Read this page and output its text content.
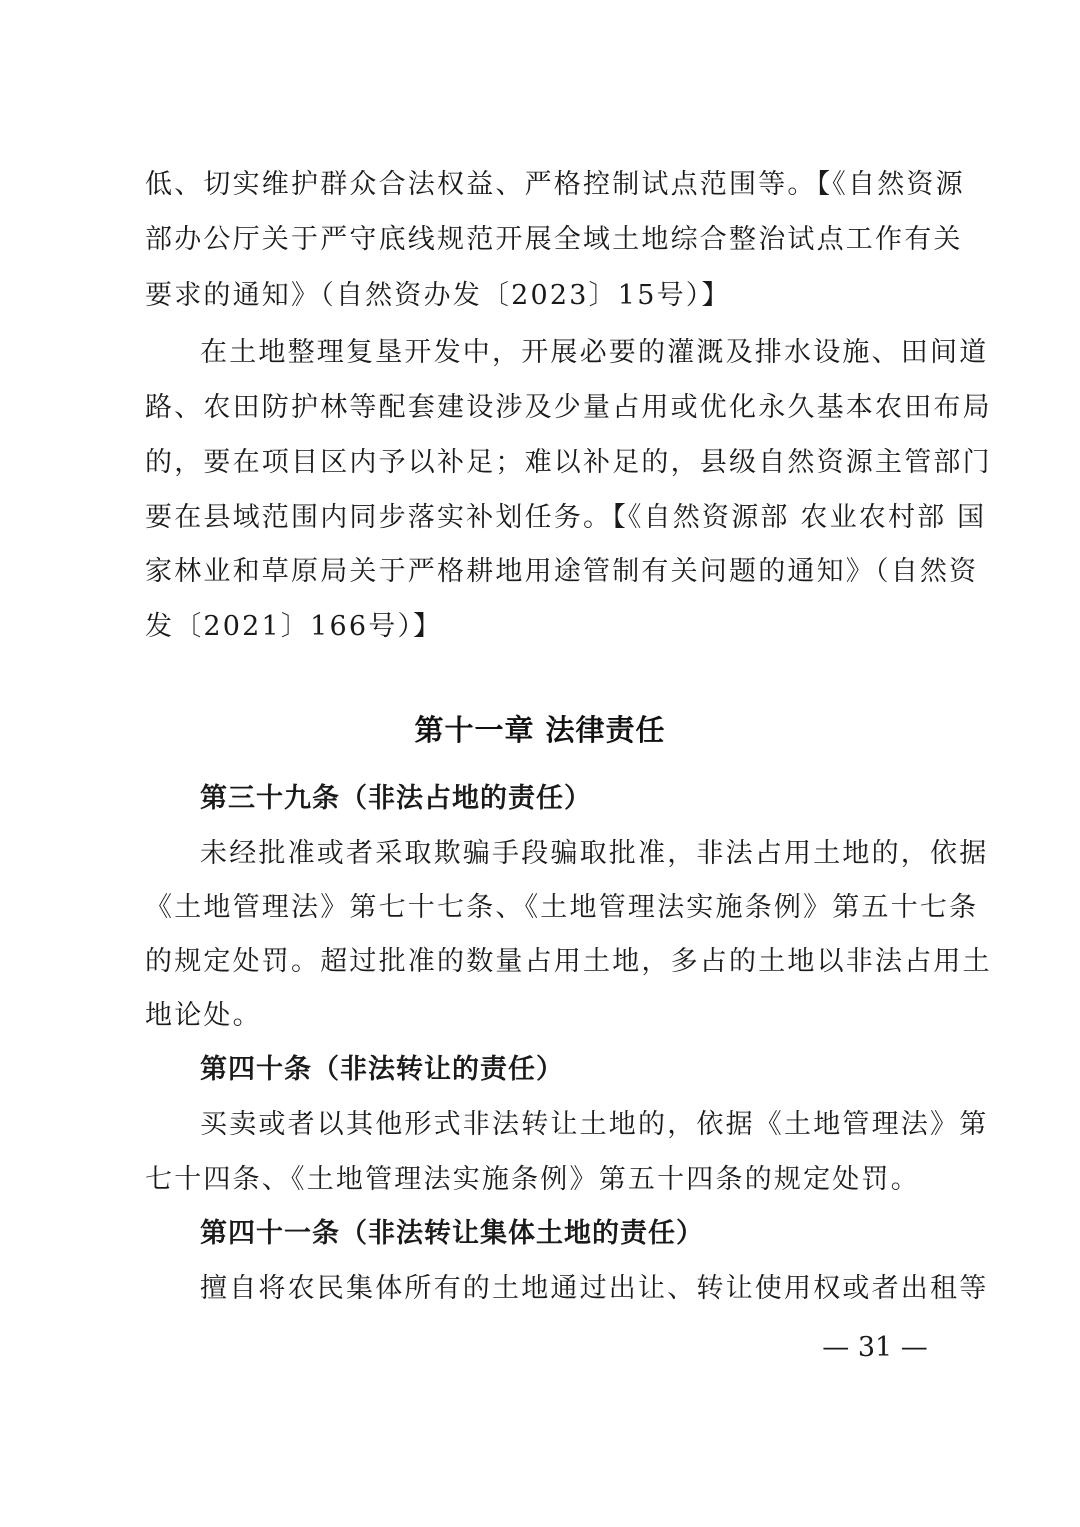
低、切实维护群众合法权益、严格控制试点范围等。【《自然资源
部办公厅关于严守底线规范开展全域土地综合整治试点工作有关
要求的通知》（自然资办发〔2023〕15号）】
在土地整理复垦开发中，开展必要的灌溉及排水设施、田间道
路、农田防护林等配套建设涉及少量占用或优化永久基本农田布局
的，要在项目区内予以补足；难以补足的，县级自然资源主管部门
要在县域范围内同步落实补划任务。【《自然资源部 农业农村部 国
家林业和草原局关于严格耕地用途管制有关问题的通知》（自然资
发〔2021〕166号）】
第十一章 法律责任
第三十九条（非法占地的责任）
未经批准或者采取欺骗手段骗取批准，非法占用土地的，依据
《土地管理法》第七十七条、《土地管理法实施条例》第五十七条
的规定处罚。超过批准的数量占用土地，多占的土地以非法占用土
地论处。
第四十条（非法转让的责任）
买卖或者以其他形式非法转让土地的，依据《土地管理法》第
七十四条、《土地管理法实施条例》第五十四条的规定处罚。
第四十一条（非法转让集体土地的责任）
擅自将农民集体所有的土地通过出让、转让使用权或者出租等
— 31 —
